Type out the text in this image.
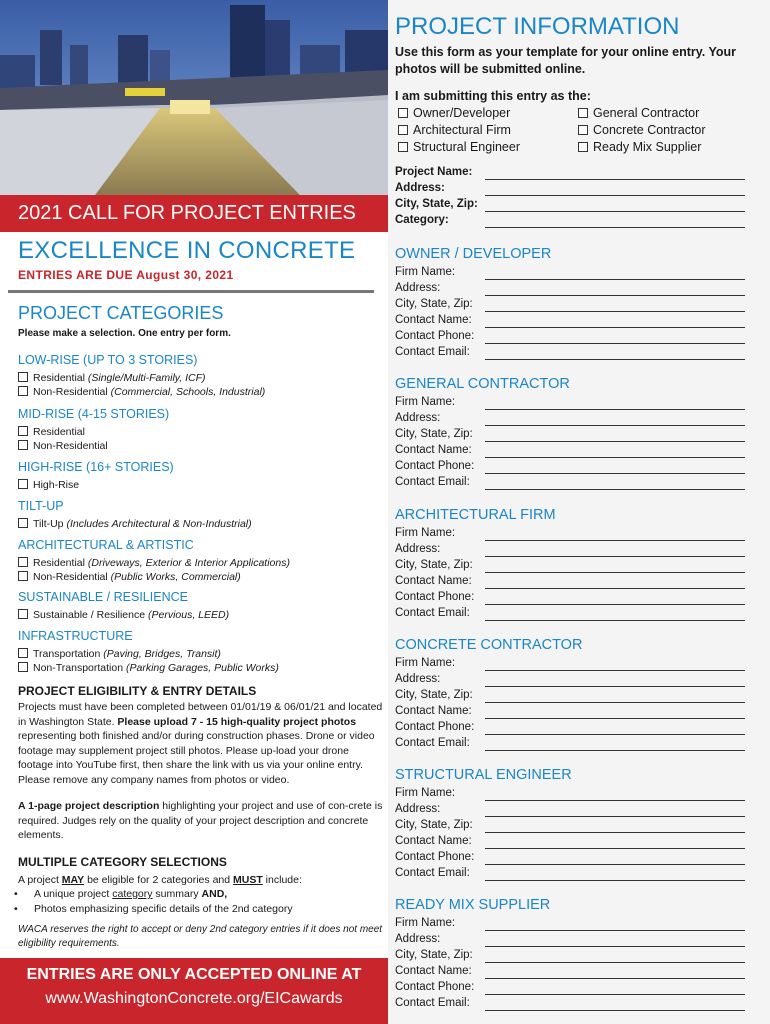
2021 CALL FOR PROJECT ENTRIES
EXCELLENCE IN CONCRETE
ENTRIES ARE DUE August 30, 2021
PROJECT CATEGORIES
Please make a selection. One entry per form.
LOW-RISE (UP TO 3 STORIES)
Residential (Single/Multi-Family, ICF)
Non-Residential (Commercial, Schools, Industrial)
MID-RISE (4-15 STORIES)
Residential
Non-Residential
HIGH-RISE (16+ STORIES)
High-Rise
TILT-UP
Tilt-Up (Includes Architectural & Non-Industrial)
ARCHITECTURAL & ARTISTIC
Residential (Driveways, Exterior & Interior Applications)
Non-Residential (Public Works, Commercial)
SUSTAINABLE / RESILIENCE
Sustainable / Resilience (Pervious, LEED)
INFRASTRUCTURE
Transportation (Paving, Bridges, Transit)
Non-Transportation (Parking Garages, Public Works)
PROJECT ELIGIBILITY & ENTRY DETAILS
Projects must have been completed between 01/01/19 & 06/01/21 and located in Washington State. Please upload 7 - 15 high-quality project photos representing both finished and/or during construction phases. Drone or video footage may supplement project still photos. Please up-load your drone footage into YouTube first, then share the link with us via your online entry. Please remove any company names from photos or video.
A 1-page project description highlighting your project and use of con-crete is required. Judges rely on the quality of your project description and concrete elements.
MULTIPLE CATEGORY SELECTIONS
A project MAY be eligible for 2 categories and MUST include:
• A unique project category summary AND,
• Photos emphasizing specific details of the 2nd category
WACA reserves the right to accept or deny 2nd category entries if it does not meet eligibility requirements.
ENTRIES ARE ONLY ACCEPTED ONLINE AT
www.WashingtonConcrete.org/EICawards
PROJECT INFORMATION
Use this form as your template for your online entry. Your photos will be submitted online.
I am submitting this entry as the:
Owner/Developer
Architectural Firm
Structural Engineer
General Contractor
Concrete Contractor
Ready Mix Supplier
Project Name:
Address:
City, State, Zip:
Category:
OWNER / DEVELOPER
Firm Name:
Address:
City, State, Zip:
Contact Name:
Contact Phone:
Contact Email:
GENERAL CONTRACTOR
Firm Name:
Address:
City, State, Zip:
Contact Name:
Contact Phone:
Contact Email:
ARCHITECTURAL FIRM
Firm Name:
Address:
City, State, Zip:
Contact Name:
Contact Phone:
Contact Email:
CONCRETE CONTRACTOR
Firm Name:
Address:
City, State, Zip:
Contact Name:
Contact Phone:
Contact Email:
STRUCTURAL ENGINEER
Firm Name:
Address:
City, State, Zip:
Contact Name:
Contact Phone:
Contact Email:
READY MIX SUPPLIER
Firm Name:
Address:
City, State, Zip:
Contact Name:
Contact Phone:
Contact Email:
